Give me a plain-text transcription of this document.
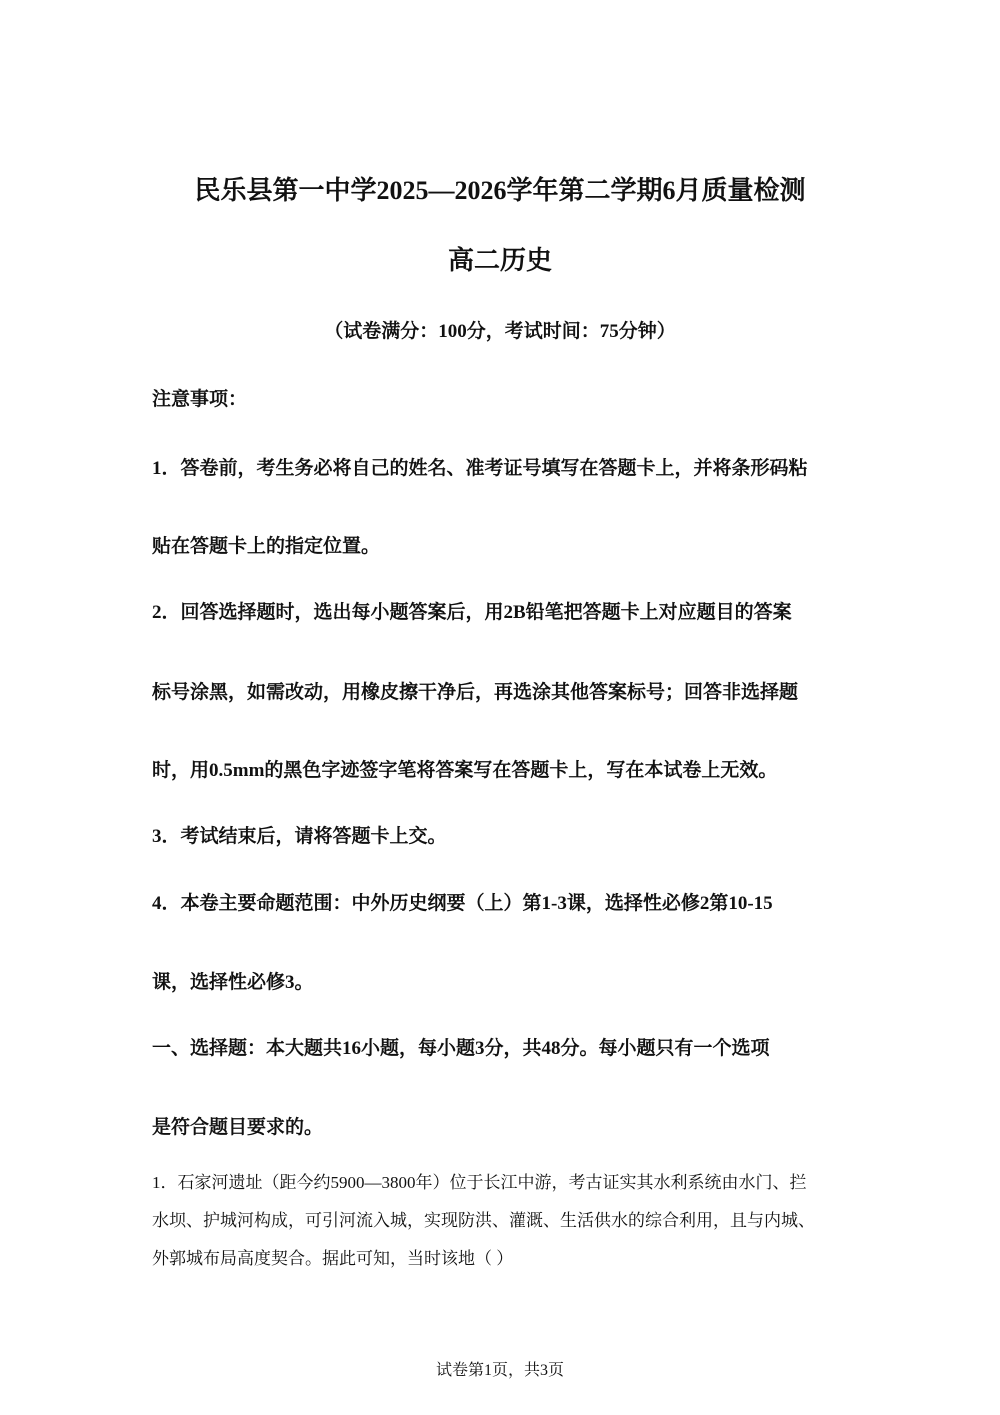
民乐县第一中学2025—2026学年第二学期6月质量检测
高二历史
（试卷满分：100分，考试时间：75分钟）
注意事项：
1．答卷前，考生务必将自己的姓名、准考证号填写在答题卡上，并将条形码粘
贴在答题卡上的指定位置。
2．回答选择题时，选出每小题答案后，用2B铅笔把答题卡上对应题目的答案
标号涂黑，如需改动，用橡皮擦干净后，再选涂其他答案标号；回答非选择题
时，用0.5mm的黑色字迹签字笔将答案写在答题卡上，写在本试卷上无效。
3．考试结束后，请将答题卡上交。
4．本卷主要命题范围：中外历史纲要（上）第1-3课，选择性必修2第10-15
课，选择性必修3。
一、选择题：本大题共16小题，每小题3分，共48分。每小题只有一个选项
是符合题目要求的。
1．石家河遗址（距今约5900—3800年）位于长江中游，考古证实其水利系统由水门、拦
水坝、护城河构成，可引河流入城，实现防洪、灌溉、生活供水的综合利用，且与内城、
外郭城布局高度契合。据此可知，当时该地（ ）
试卷第1页，共3页
